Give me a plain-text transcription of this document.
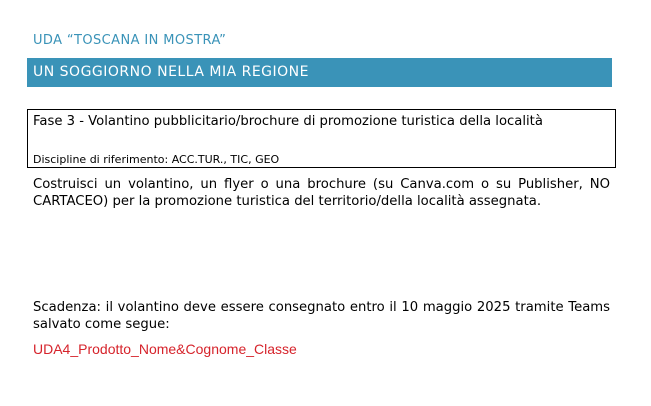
UDA “TOSCANA IN MOSTRA”
UN SOGGIORNO NELLA MIA REGIONE
Fase 3 - Volantino pubblicitario/brochure di promozione turistica della località
Discipline di riferimento: ACC.TUR., TIC, GEO
Costruisci un volantino, un flyer o una brochure (su Canva.com o su Publisher, NO CARTACEO) per la promozione turistica del territorio/della località assegnata.
Scadenza: il volantino deve essere consegnato entro il 10 maggio 2025 tramite Teams salvato come segue:
UDA4_Prodotto_Nome&Cognome_Classe
